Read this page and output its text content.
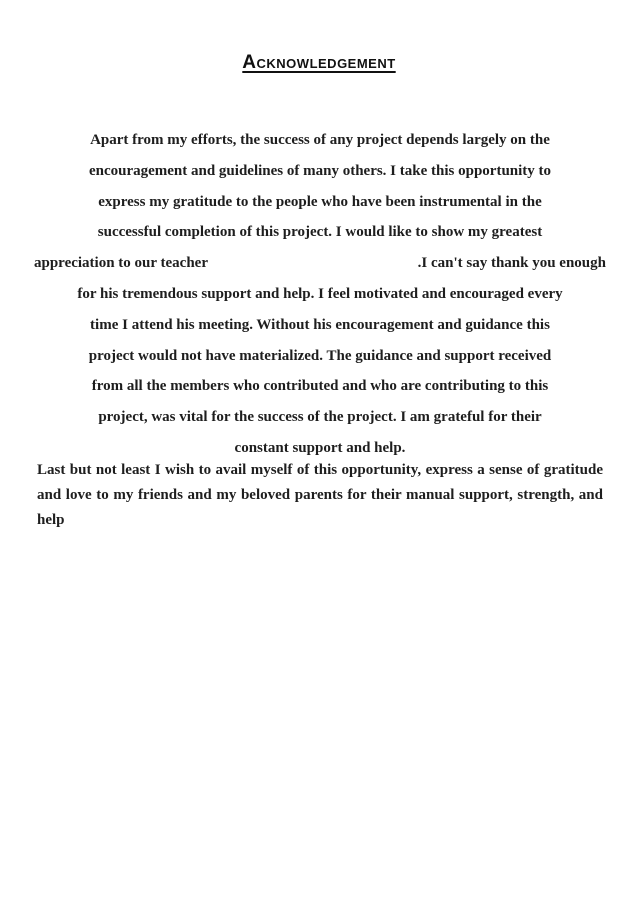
Acknowledgement
Apart from my efforts, the success of any project depends largely on the
encouragement and guidelines of many others. I take this opportunity to
express my gratitude to the people who have been instrumental in the
successful completion of this project. I would like to show my greatest
appreciation to our teacher	.I can't say thank you enough
for his tremendous support and help. I feel motivated and encouraged every
time I attend his meeting. Without his encouragement and guidance this
project would not have materialized. The guidance and support received
from all the members who contributed and who are contributing to this
project, was vital for the success of the project. I am grateful for their
constant support and help.
Last but not least I wish to avail myself of this opportunity, express a sense of gratitude and love to my friends and my beloved parents for their manual support, strength, and help
